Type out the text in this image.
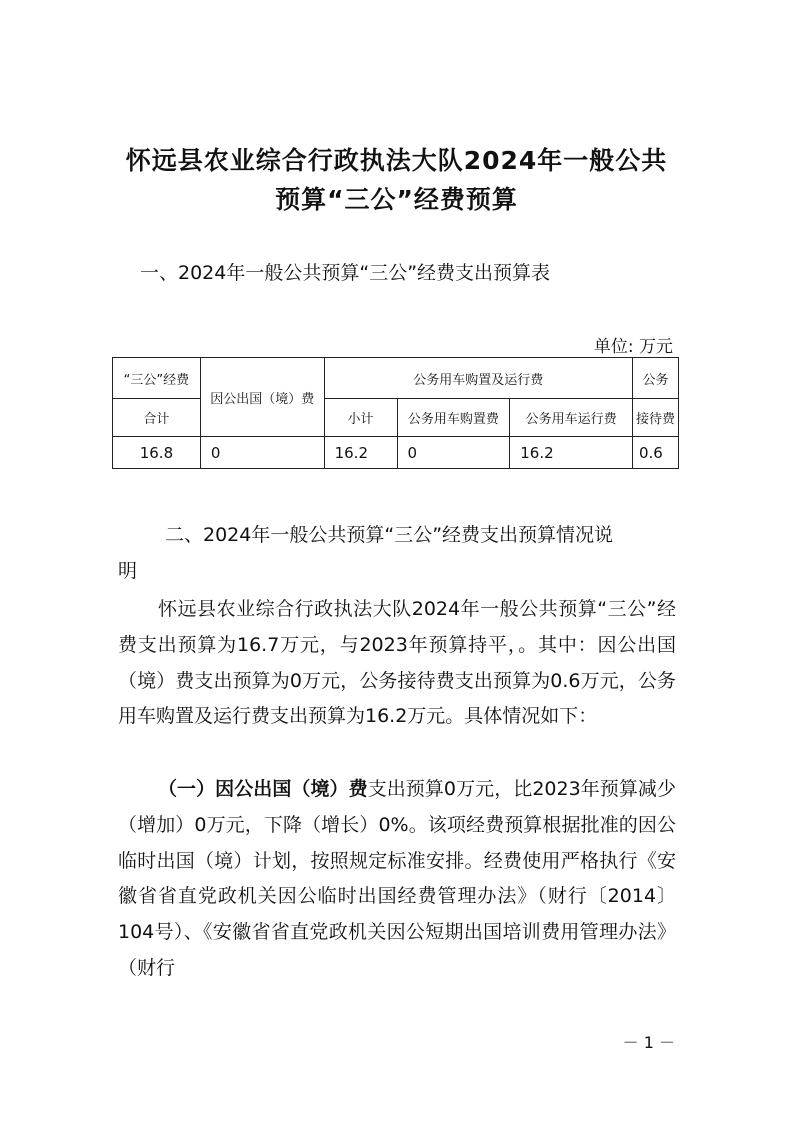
怀远县农业综合行政执法大队2024年一般公共
预算“三公”经费预算
一、2024年一般公共预算“三公”经费支出预算表
单位: 万元
“三公”经费	因公出国（境）费	公务用车购置及运行费			公务
合计		小计	公务用车购置费	公务用车运行费	接待费
16.8	0	16.2	0	16.2	0.6
二、2024年一般公共预算“三公”经费支出预算情况说
明

怀远县农业综合行政执法大队2024年一般公共预算“三公”经费支出预算为16.7万元，与2023年预算持平，。其中：因公出国（境）费支出预算为0万元，公务接待费支出预算为0.6万元，公务用车购置及运行费支出预算为16.2万元。具体情况如下：

（一）因公出国（境）费支出预算0万元，比2023年预算减少（增加）0万元，下降（增长）0%。该项经费预算根据批准的因公临时出国（境）计划，按照规定标准安排。经费使用严格执行《安徽省省直党政机关因公临时出国经费管理办法》（财行〔2014〕104号）、《安徽省省直党政机关因公短期出国培训费用管理办法》（财行

－ 1 －
